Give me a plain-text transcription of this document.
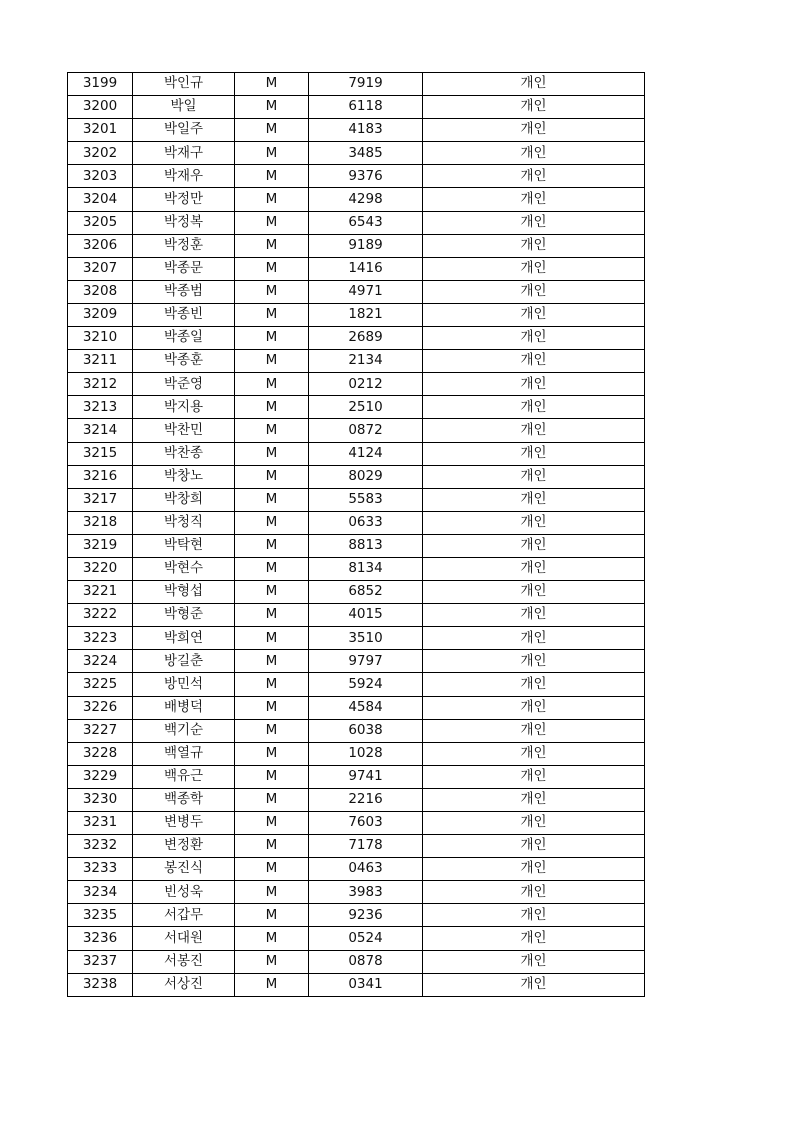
3199	박인규	M	7919	개인
3200	박일	M	6118	개인
3201	박일주	M	4183	개인
3202	박재구	M	3485	개인
3203	박재우	M	9376	개인
3204	박정만	M	4298	개인
3205	박정복	M	6543	개인
3206	박정훈	M	9189	개인
3207	박종문	M	1416	개인
3208	박종범	M	4971	개인
3209	박종빈	M	1821	개인
3210	박종일	M	2689	개인
3211	박종훈	M	2134	개인
3212	박준영	M	0212	개인
3213	박지용	M	2510	개인
3214	박찬민	M	0872	개인
3215	박찬종	M	4124	개인
3216	박창노	M	8029	개인
3217	박창희	M	5583	개인
3218	박청직	M	0633	개인
3219	박탁현	M	8813	개인
3220	박현수	M	8134	개인
3221	박형섭	M	6852	개인
3222	박형준	M	4015	개인
3223	박희연	M	3510	개인
3224	방길춘	M	9797	개인
3225	방민석	M	5924	개인
3226	배병덕	M	4584	개인
3227	백기순	M	6038	개인
3228	백열규	M	1028	개인
3229	백유근	M	9741	개인
3230	백종학	M	2216	개인
3231	변병두	M	7603	개인
3232	변정환	M	7178	개인
3233	봉진식	M	0463	개인
3234	빈성욱	M	3983	개인
3235	서갑무	M	9236	개인
3236	서대원	M	0524	개인
3237	서봉진	M	0878	개인
3238	서상진	M	0341	개인
